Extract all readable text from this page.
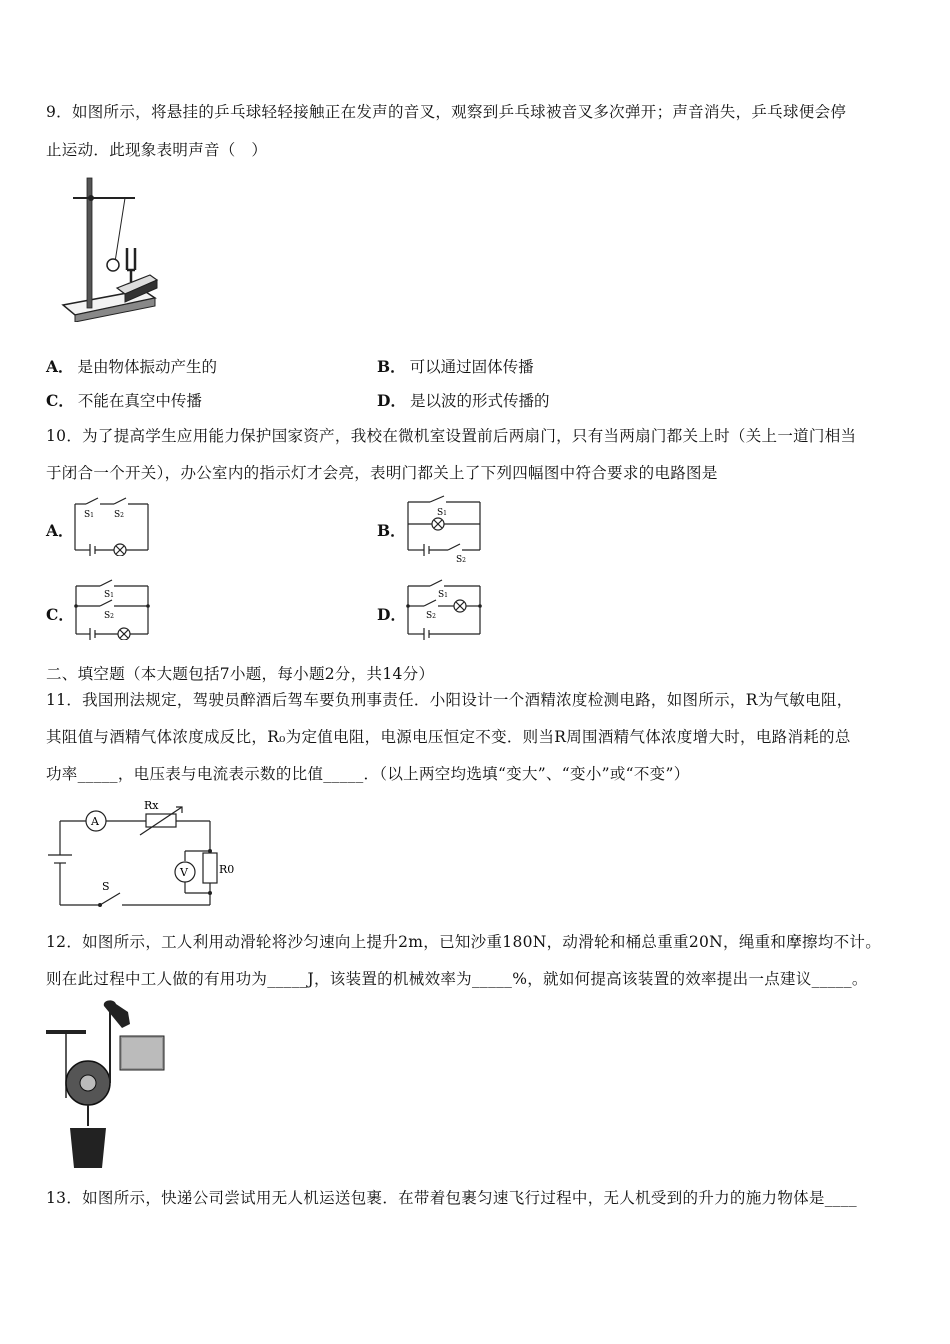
9．如图所示，将悬挂的乒乓球轻轻接触正在发声的音叉，观察到乒乓球被音叉多次弹开；声音消失，乒乓球便会停
止运动．此现象表明声音（　）
A． 是由物体振动产生的	B． 可以通过固体传播
C． 不能在真空中传播	D． 是以波的形式传播的
10．为了提高学生应用能力保护国家资产，我校在微机室设置前后两扇门，只有当两扇门都关上时（关上一道门相当
于闭合一个开关），办公室内的指示灯才会亮，表明门都关上了下列四幅图中符合要求的电路图是
A．
S1 S2
B．
S1
S2
C．
S1
S2	D．
S1
S2
二、填空题（本大题包括7小题，每小题2分，共14分）
11．我国刑法规定，驾驶员醉酒后驾车要负刑事责任．小阳设计一个酒精浓度检测电路，如图所示，R为气敏电阻，
其阻值与酒精气体浓度成反比，R₀为定值电阻，电源电压恒定不变．则当R周围酒精气体浓度增大时，电路消耗的总
功率_____，电压表与电流表示数的比值_____．（以上两空均选填“变大”、“变小”或“不变”）
A
V
Rx
R0
S
12．如图所示，工人利用动滑轮将沙匀速向上提升2m，已知沙重180N，动滑轮和桶总重重20N，绳重和摩擦均不计。
则在此过程中工人做的有用功为_____J，该装置的机械效率为_____%，就如何提高该装置的效率提出一点建议_____。
13．如图所示，快递公司尝试用无人机运送包裹．在带着包裹匀速飞行过程中，无人机受到的升力的施力物体是____
